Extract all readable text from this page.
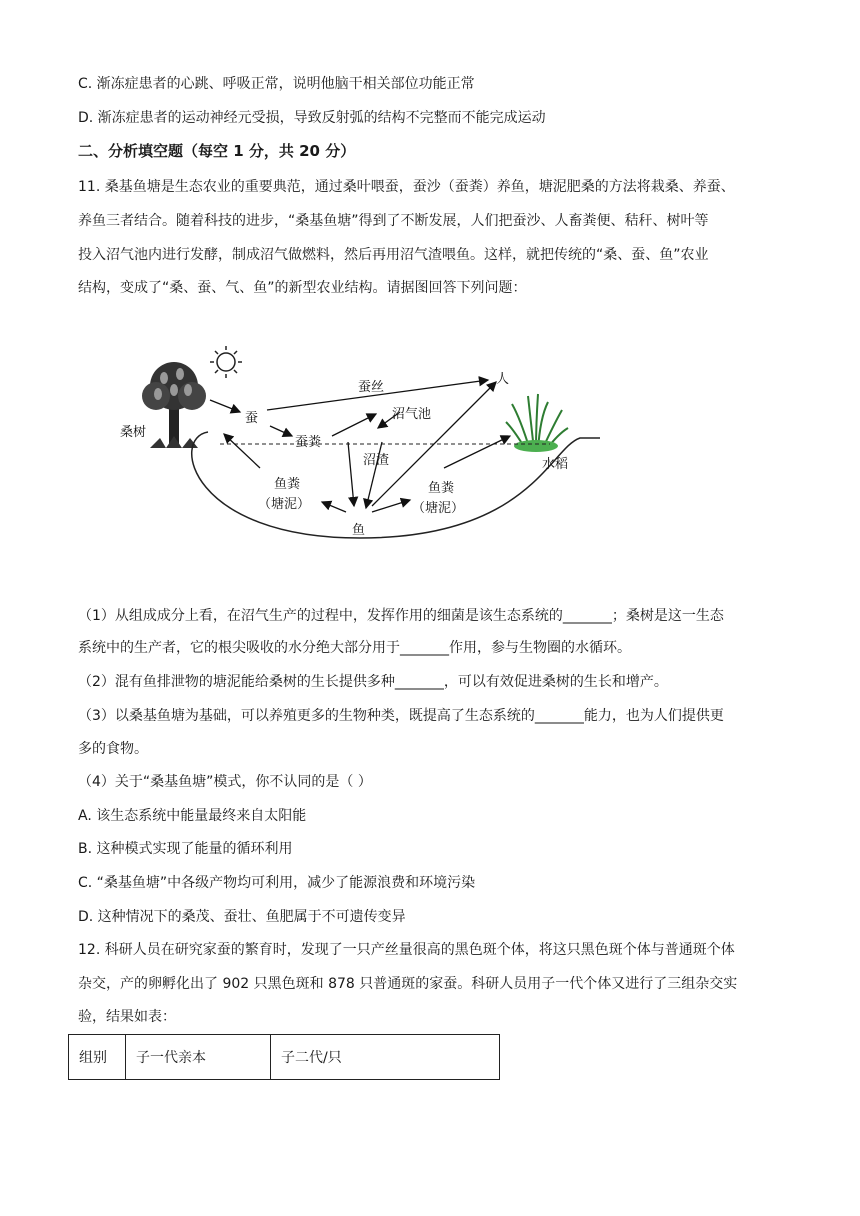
C. 渐冻症患者的心跳、呼吸正常，说明他脑干相关部位功能正常
D. 渐冻症患者的运动神经元受损，导致反射弧的结构不完整而不能完成运动
二、分析填空题（每空 1 分，共 20 分）
11. 桑基鱼塘是生态农业的重要典范，通过桑叶喂蚕，蚕沙（蚕粪）养鱼，塘泥肥桑的方法将栽桑、养蚕、
养鱼三者结合。随着科技的进步，“桑基鱼塘”得到了不断发展，人们把蚕沙、人畜粪便、秸秆、树叶等
投入沼气池内进行发酵，制成沼气做燃料，然后再用沼气渣喂鱼。这样，就把传统的“桑、蚕、鱼”农业
结构，变成了“桑、蚕、气、鱼”的新型农业结构。请据图回答下列问题：
蚕丝
人
蚕	沼气池
桑树
蚕粪
沼渣	水稻
鱼粪
（塘泥）
鱼粪
（塘泥）
鱼
（1）从组成成分上看，在沼气生产的过程中，发挥作用的细菌是该生态系统的_______；桑树是这一生态
系统中的生产者，它的根尖吸收的水分绝大部分用于_______作用，参与生物圈的水循环。
（2）混有鱼排泄物的塘泥能给桑树的生长提供多种_______，可以有效促进桑树的生长和增产。
（3）以桑基鱼塘为基础，可以养殖更多的生物种类，既提高了生态系统的_______能力，也为人们提供更
多的食物。
（4）关于“桑基鱼塘”模式，你不认同的是（ ）
A. 该生态系统中能量最终来自太阳能
B. 这种模式实现了能量的循环利用
C. “桑基鱼塘”中各级产物均可利用，减少了能源浪费和环境污染
D. 这种情况下的桑茂、蚕壮、鱼肥属于不可遗传变异
12. 科研人员在研究家蚕的繁育时，发现了一只产丝量很高的黑色斑个体，将这只黑色斑个体与普通斑个体
杂交，产的卵孵化出了 902 只黑色斑和 878 只普通斑的家蚕。科研人员用子一代个体又进行了三组杂交实
验，结果如表：
组别	子一代亲本	子二代/只
